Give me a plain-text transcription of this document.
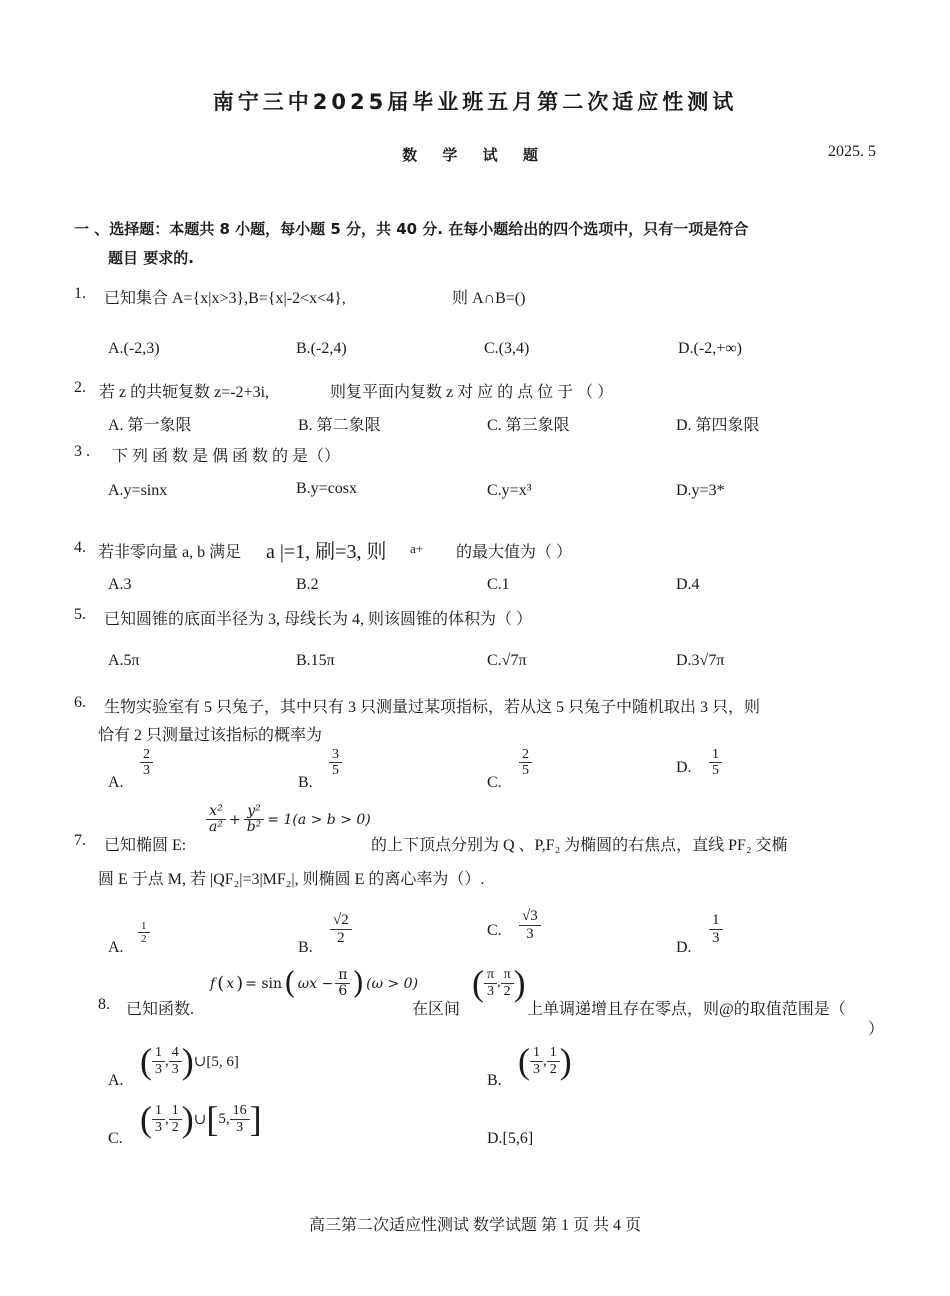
南宁三中2025届毕业班五月第二次适应性测试
数 学 试 题	2025. 5
一 、选择题：本题共 8 小题，每小题 5 分，共 40 分. 在每小题给出的四个选项中，只有一项是符合
题目 要求的.
1. 已知集合 A={x|x>3},B={x|-2<x<4},	则 A∩B=()
A.(-2,3)	B.(-2,4)	C.(3,4)	D.(-2,+∞)
2. 若 z 的共轭复数 z=-2+3i,	则复平面内复数 z 对 应 的 点 位 于 （ ）
A. 第一象限	B. 第二象限	C. 第三象限	D. 第四象限
3 . 下 列 函 数 是 偶 函 数 的 是（）
A.y=sinx	B.y=cosx	C.y=x³	D.y=3*
4. 若非零向量 a, b 满足 a |=1, 刷=3, 则 a+ 的最大值为（ ）
A.3	B.2	C.1	D.4
5. 已知圆锥的底面半径为 3, 母线长为 4, 则该圆锥的体积为（ ）
A.5π	B.15π	C.√7π	D.3√7π
6. 生物实验室有 5 只兔子，其中只有 3 只测量过某项指标，若从这 5 只兔子中随机取出 3 只，则
恰有 2 只测量过该指标的概率为
A.
$\frac{2}{3}$
B.
$\frac{3}{5}$
C.
$\frac{2}{5}$	D. $\frac{1}{5}$
7. 已知椭圆 E:
$\frac{\text{x²}}{\text{a²}} + \frac{\text{y²}}{\text{b²}} = 1(a > b > 0)$
的上下顶点分别为 Q 、P,F₂ 为椭圆的右焦点，直线 PF₂ 交椭
圆 E 于点 M, 若 |QF₂|=3|MF₂|, 则椭圆 E 的离心率为（）.
A.
$\frac{1}{2}$
B.
$\frac{√2}{2}$	C. $\frac{√3}{3}$
D.
$\frac{1}{3}$
8. 已知函数.
f ( x ) = sin ( $\omega x - \frac{\pi}{6}$ ) (ω > 0)
在区间
( $\frac{\pi}{3}$ , $\frac{\pi}{2}$ )
上单调递增且存在零点，则@的取值范围是（
）
A. ( $\frac{1}{3}$ , $\frac{4}{3}$ ) ∪[5, 6]
B. ( $\frac{1}{3}$ , $\frac{1}{2}$ )
C. ( $\frac{1}{3}$ , $\frac{1}{2}$ ) ∪ [ 5, $\frac{16}{3}$ ]	D.[5,6]
高三第二次适应性测试 数学试题 第 1 页 共 4 页
